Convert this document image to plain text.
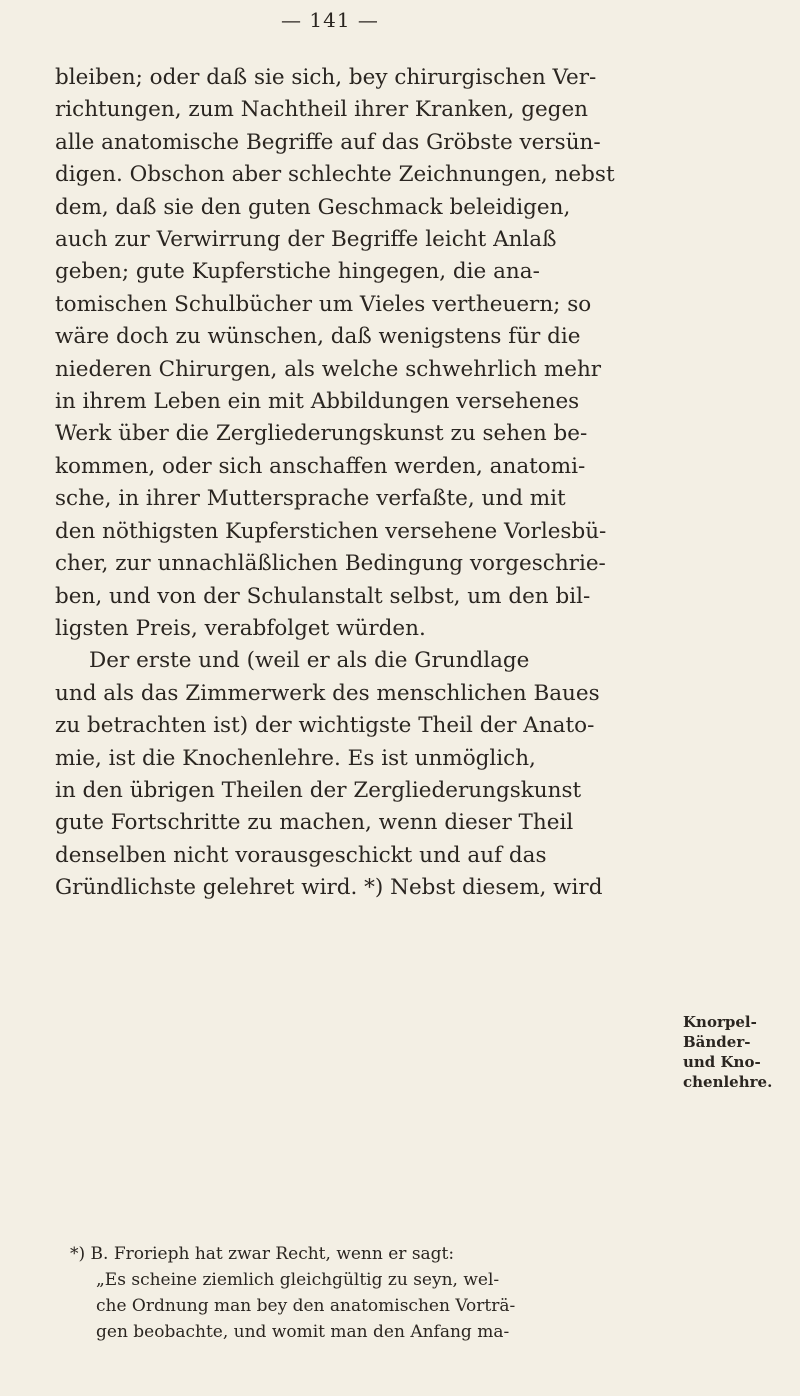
— 141 —
bleiben; oder daß sie sich, bey chirurgischen Ver-
richtungen, zum Nachtheil ihrer Kranken, gegen
alle anatomische Begriffe auf das Gröbste versün-
digen. Obschon aber schlechte Zeichnungen, nebst
dem, daß sie den guten Geschmack beleidigen,
auch zur Verwirrung der Begriffe leicht Anlaß
geben; gute Kupferstiche hingegen, die ana-
tomischen Schulbücher um Vieles vertheuern; so
wäre doch zu wünschen, daß wenigstens für die
niederen Chirurgen, als welche schwehrlich mehr
in ihrem Leben ein mit Abbildungen versehenes
Werk über die Zergliederungskunst zu sehen be-
kommen, oder sich anschaffen werden, anatomi-
sche, in ihrer Muttersprache verfaßte, und mit
den nöthigsten Kupferstichen versehene Vorlesbü-
cher, zur unnachläßlichen Bedingung vorgeschrie-
ben, und von der Schulanstalt selbst, um den bil-
ligsten Preis, verabfolget würden.
Der erste und (weil er als die Grundlage
und als das Zimmerwerk des menschlichen Baues
zu betrachten ist) der wichtigste Theil der Anato-
mie, ist die Knochenlehre. Es ist unmöglich,
in den übrigen Theilen der Zergliederungskunst
gute Fortschritte zu machen, wenn dieser Theil
denselben nicht vorausgeschickt und auf das
Gründlichste gelehret wird. *) Nebst diesem, wird
Knorpel-
Bänder-
und Kno-
chenlehre.
*) B. Frorieph hat zwar Recht, wenn er sagt:
„Es scheine ziemlich gleichgültig zu seyn, wel-
che Ordnung man bey den anatomischen Vorträ-
gen beobachte, und womit man den Anfang ma-
